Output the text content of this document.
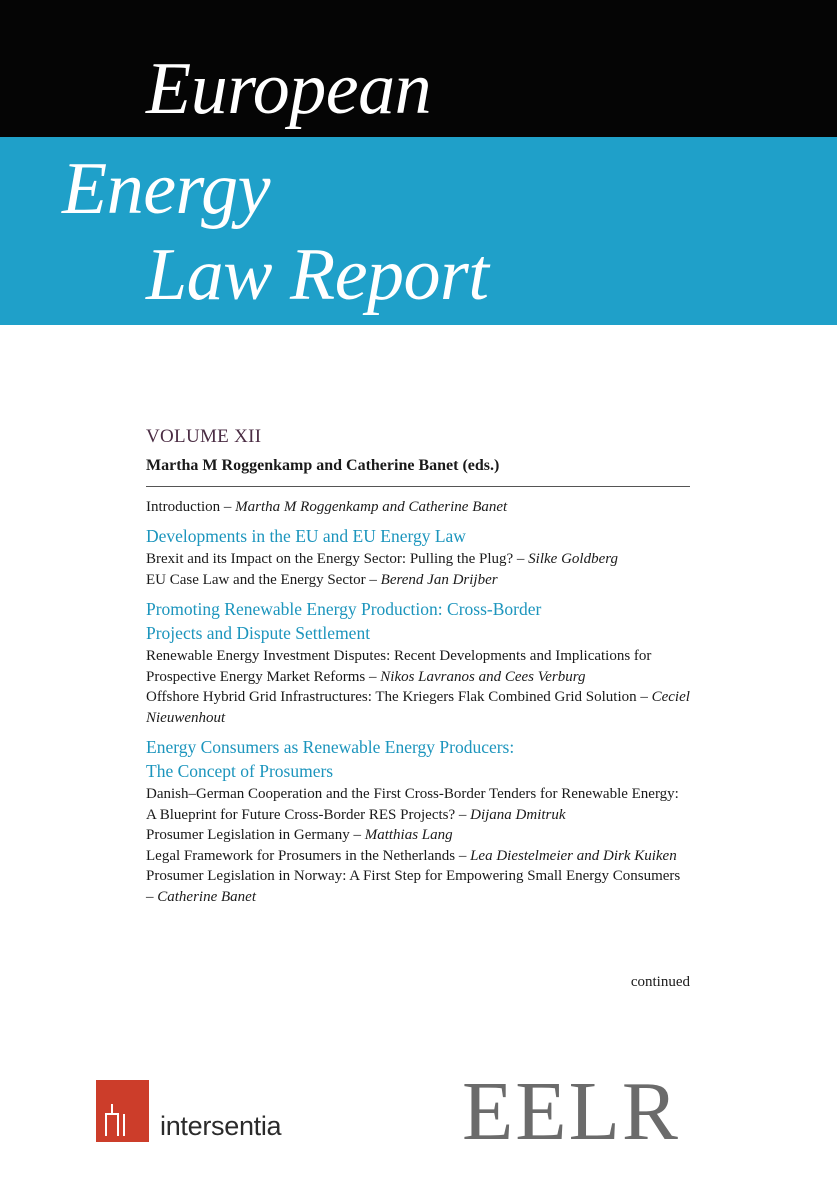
European
Energy
Law Report
VOLUME XII
Martha M Roggenkamp and Catherine Banet (eds.)
Introduction – Martha M Roggenkamp and Catherine Banet
Developments in the EU and EU Energy Law
Brexit and its Impact on the Energy Sector: Pulling the Plug? – Silke Goldberg
EU Case Law and the Energy Sector – Berend Jan Drijber
Promoting Renewable Energy Production: Cross-Border
Projects and Dispute Settlement
Renewable Energy Investment Disputes: Recent Developments and Implications for Prospective Energy Market Reforms – Nikos Lavranos and Cees Verburg
Offshore Hybrid Grid Infrastructures: The Kriegers Flak Combined Grid Solution – Ceciel Nieuwenhout
Energy Consumers as Renewable Energy Producers:
The Concept of Prosumers
Danish–German Cooperation and the First Cross-Border Tenders for Renewable Energy: A Blueprint for Future Cross-Border RES Projects? – Dijana Dmitruk
Prosumer Legislation in Germany – Matthias Lang
Legal Framework for Prosumers in the Netherlands – Lea Diestelmeier and Dirk Kuiken
Prosumer Legislation in Norway: A First Step for Empowering Small Energy Consumers – Catherine Banet
continued
intersentia EELR
